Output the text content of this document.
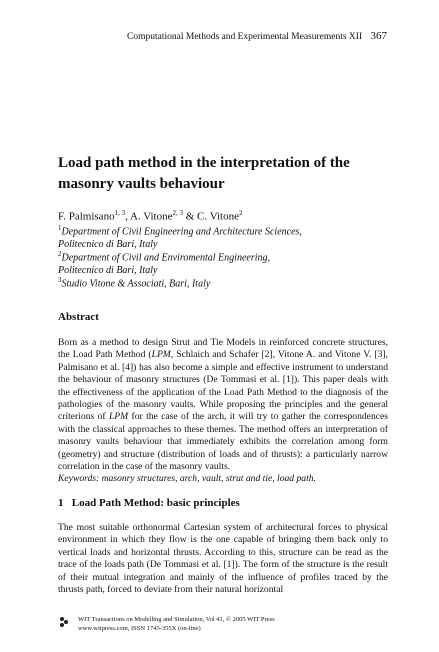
Computational Methods and Experimental Measurements XII 367
Load path method in the interpretation of the masonry vaults behaviour
F. Palmisano$^{1, 3}$, A. Vitone$^{2, 3}$ & C. Vitone$^2$
$^1$Department of Civil Engineering and Architecture Sciences,
Politecnico di Bari, Italy
$^2$Department of Civil and Enviromental Engineering,
Politecnico di Bari, Italy
$^3$Studio Vitone & Associati, Bari, Italy
Abstract
Born as a method to design Strut and Tie Models in reinforced concrete structures, the Load Path Method (LPM, Schlaich and Schafer [2], Vitone A. and Vitone V. [3], Palmisano et al. [4]) has also become a simple and effective instrument to understand the behaviour of masonry structures (De Tommasi et al. [1]). This paper deals with the effectiveness of the application of the Load Path Method to the diagnosis of the pathologies of the masonry vaults. While proposing the principles and the general criterions of LPM for the case of the arch, it will try to gather the correspondences with the classical approaches to these themes. The method offers an interpretation of masonry vaults behaviour that immediately exhibits the correlation among form (geometry) and structure (distribution of loads and of thrusts): a particularly narrow correlation in the case of the masonry vaults.
Keywords: masonry structures, arch, vault, strut and tie, load path.
1 Load Path Method: basic principles
The most suitable orthonormal Cartesian system of architectural forces to physical environment in which they flow is the one capable of bringing them back only to vertical loads and horizontal thrusts. According to this, structure can be read as the trace of the loads path (De Tommasi et al. [1]). The form of the structure is the result of their mutual integration and mainly of the influence of profiles traced by the thrusts path, forced to deviate from their natural horizontal
WIT Transactions on Modelling and Simulation, Vol 41, © 2005 WIT Press
www.witpress.com, ISSN 1743-355X (on-line)
